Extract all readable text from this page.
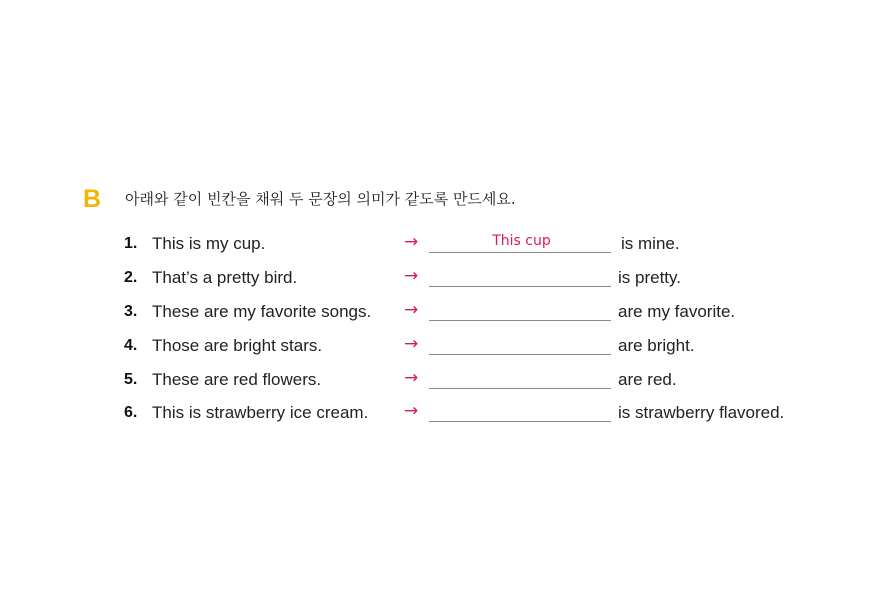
B 아래와 같이 빈칸을 채워 두 문장의 의미가 같도록 만드세요.
1. This is my cup.	→	This cup	is mine.
2. That’s a pretty bird.	→	is pretty.
3. These are my favorite songs. →	are my favorite.
4. Those are bright stars.	→	are bright.
5. These are red flowers.	→	are red.
6. This is strawberry ice cream. →	is strawberry flavored.
